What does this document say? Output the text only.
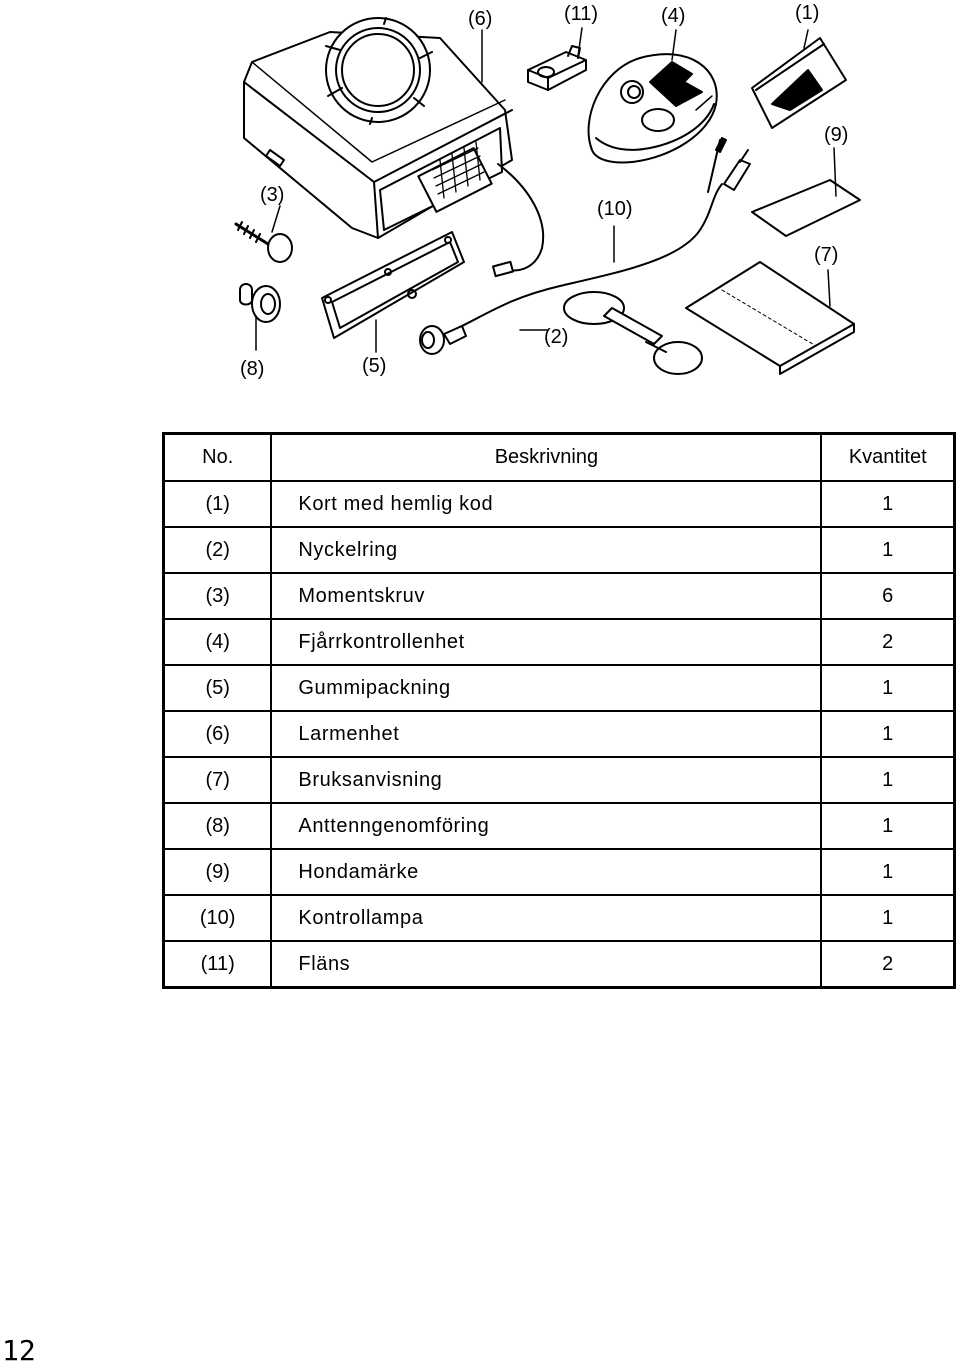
(6)	(11)	(4)	(1)
(9)
(3)
(10)
(7)
(2)
(8)	(5)
No.	Beskrivning	Kvantitet
(1)	Kort med hemlig kod	1
(2)	Nyckelring	1
(3)	Momentskruv	6
(4)	Fjårrkontrollenhet	2
(5)	Gummipackning	1
(6)	Larmenhet	1
(7)	Bruksanvisning	1
(8)	Anttenngenomföring	1
(9)	Hondamärke	1
(10)	Kontrollampa	1
(11)	Fläns	2
12
